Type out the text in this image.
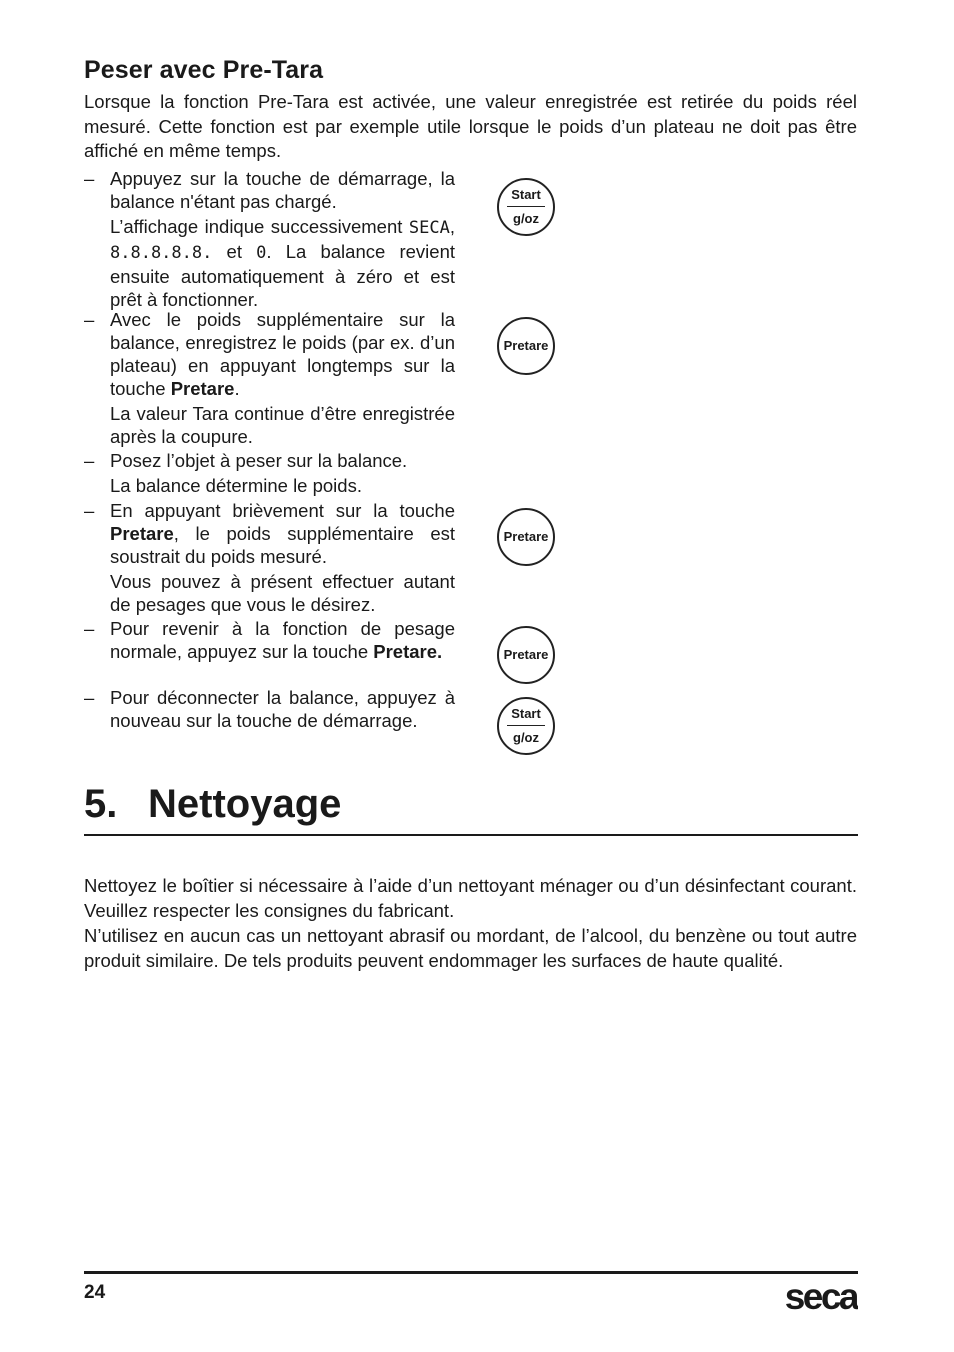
Peser avec Pre-Tara

Lorsque la fonction Pre-Tara est activée, une valeur enregistrée est retirée du poids réel mesuré. Cette fonction est par exemple utile lorsque le poids d’un plateau ne doit pas être affiché en même temps.

– Appuyez sur la touche de démarrage, la balance n'étant pas chargé.

L’affichage indique successivement SECA, 8.8.8.8.8. et 0. La balance revient ensuite automatiquement à zéro et est prêt à fonctionner.

– Avec le poids supplémentaire sur la balance, enregistrez le poids (par ex. d’un plateau) en appuyant longtemps sur la touche Pretare.

La valeur Tara continue d’être enregistrée après la coupure.

– Posez l’objet à peser sur la balance.

La balance détermine le poids.

– En appuyant brièvement sur la touche Pretare, le poids supplémentaire est soustrait du poids mesuré.

Vous pouvez à présent effectuer autant de pesages que vous le désirez.

– Pour revenir à la fonction de pesage normale, appuyez sur la touche Pretare.

– Pour déconnecter la balance, appuyez à nouveau sur la touche de démarrage.

Start
g/oz
Pretare
Pretare
Pretare
Start
g/oz
5. Nettoyage

Nettoyez le boîtier si nécessaire à l’aide d’un nettoyant ménager ou d’un désinfectant courant. Veuillez respecter les consignes du fabricant.

N’utilisez en aucun cas un nettoyant abrasif ou mordant, de l’alcool, du benzène ou tout autre produit similaire. De tels produits peuvent endommager les surfaces de haute qualité.

24	seca
